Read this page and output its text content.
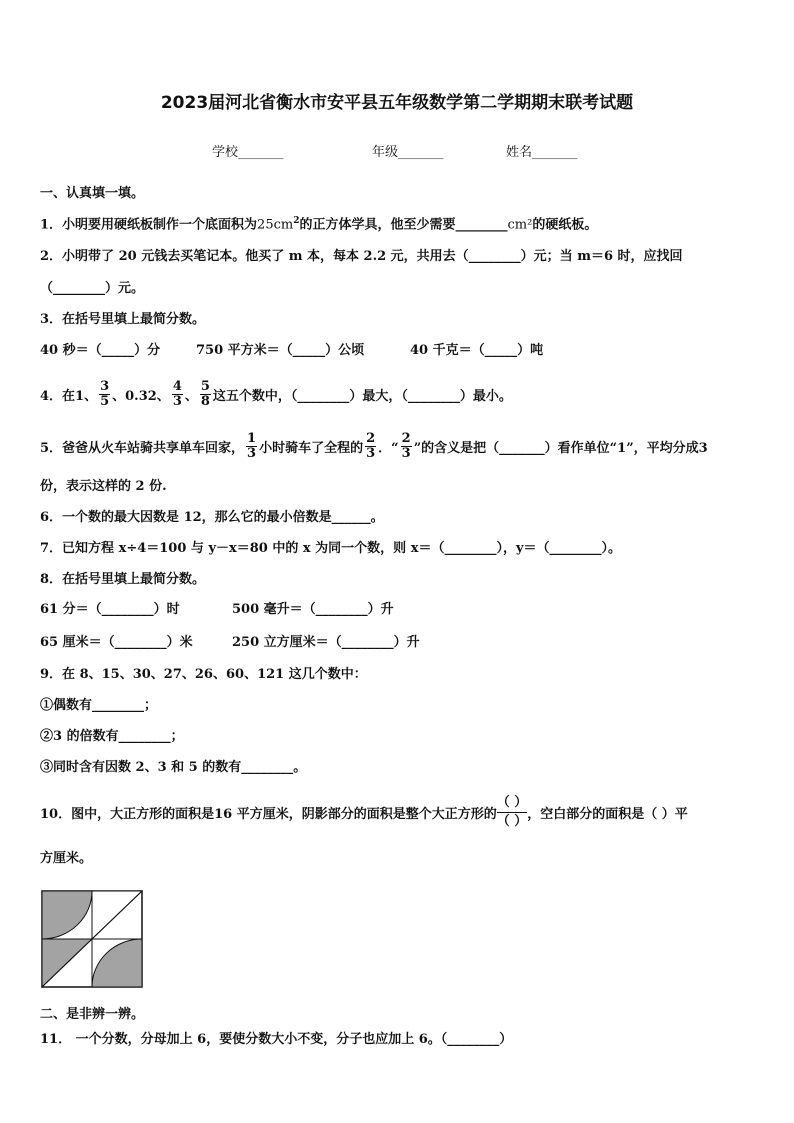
2023届河北省衡水市安平县五年级数学第二学期期末联考试题
学校_______	年级_______	姓名_______
一、认真填一填。
1．小明要用硬纸板制作一个底面积为$25cm^2$的正方体学具，他至少需要________cm²的硬纸板。
2．小明带了 20 元钱去买笔记本。他买了 m 本，每本 2.2 元，共用去（________）元；当 m＝6 时，应找回
（________）元。
3．在括号里填上最简分数。
40 秒＝（_____）分	750 平方米＝（_____）公顷	40 千克＝（_____）吨
4．在1、 $\frac{3}{5}$ 、0.32、 $\frac{4}{3}$ 、 $\frac{5}{8}$ 这五个数中，（________）最大，（________）最小。
5．爸爸从火车站骑共享单车回家， $\frac{1}{3}$ 小时骑车了全程的 $\frac{2}{3}$ ．“ $\frac{2}{3}$ ”的含义是把（_______）看作单位“1”，平均分成3
份，表示这样的 2 份.
6．一个数的最大因数是 12，那么它的最小倍数是______。
7．已知方程 x÷4＝100 与 y－x＝80 中的 x 为同一个数，则 x＝（________），y＝（________）。
8．在括号里填上最简分数。
61 分＝（________）时	500 毫升＝（________）升
65 厘米＝（________）米	250 立方厘米＝（________）升
9．在 8、15、30、27、26、60、121 这几个数中：
①偶数有________；
②3 的倍数有________；
③同时含有因数 2、3 和 5 的数有________。
10．图中，大正方形的面积是16 平方厘米，阴影部分的面积是整个大正方形的
（ ）
（ ） ，空白部分的面积是（ ）平
方厘米。
二、是非辨一辨。
11． 一个分数，分母加上 6，要使分数大小不变，分子也应加上 6。（________）
